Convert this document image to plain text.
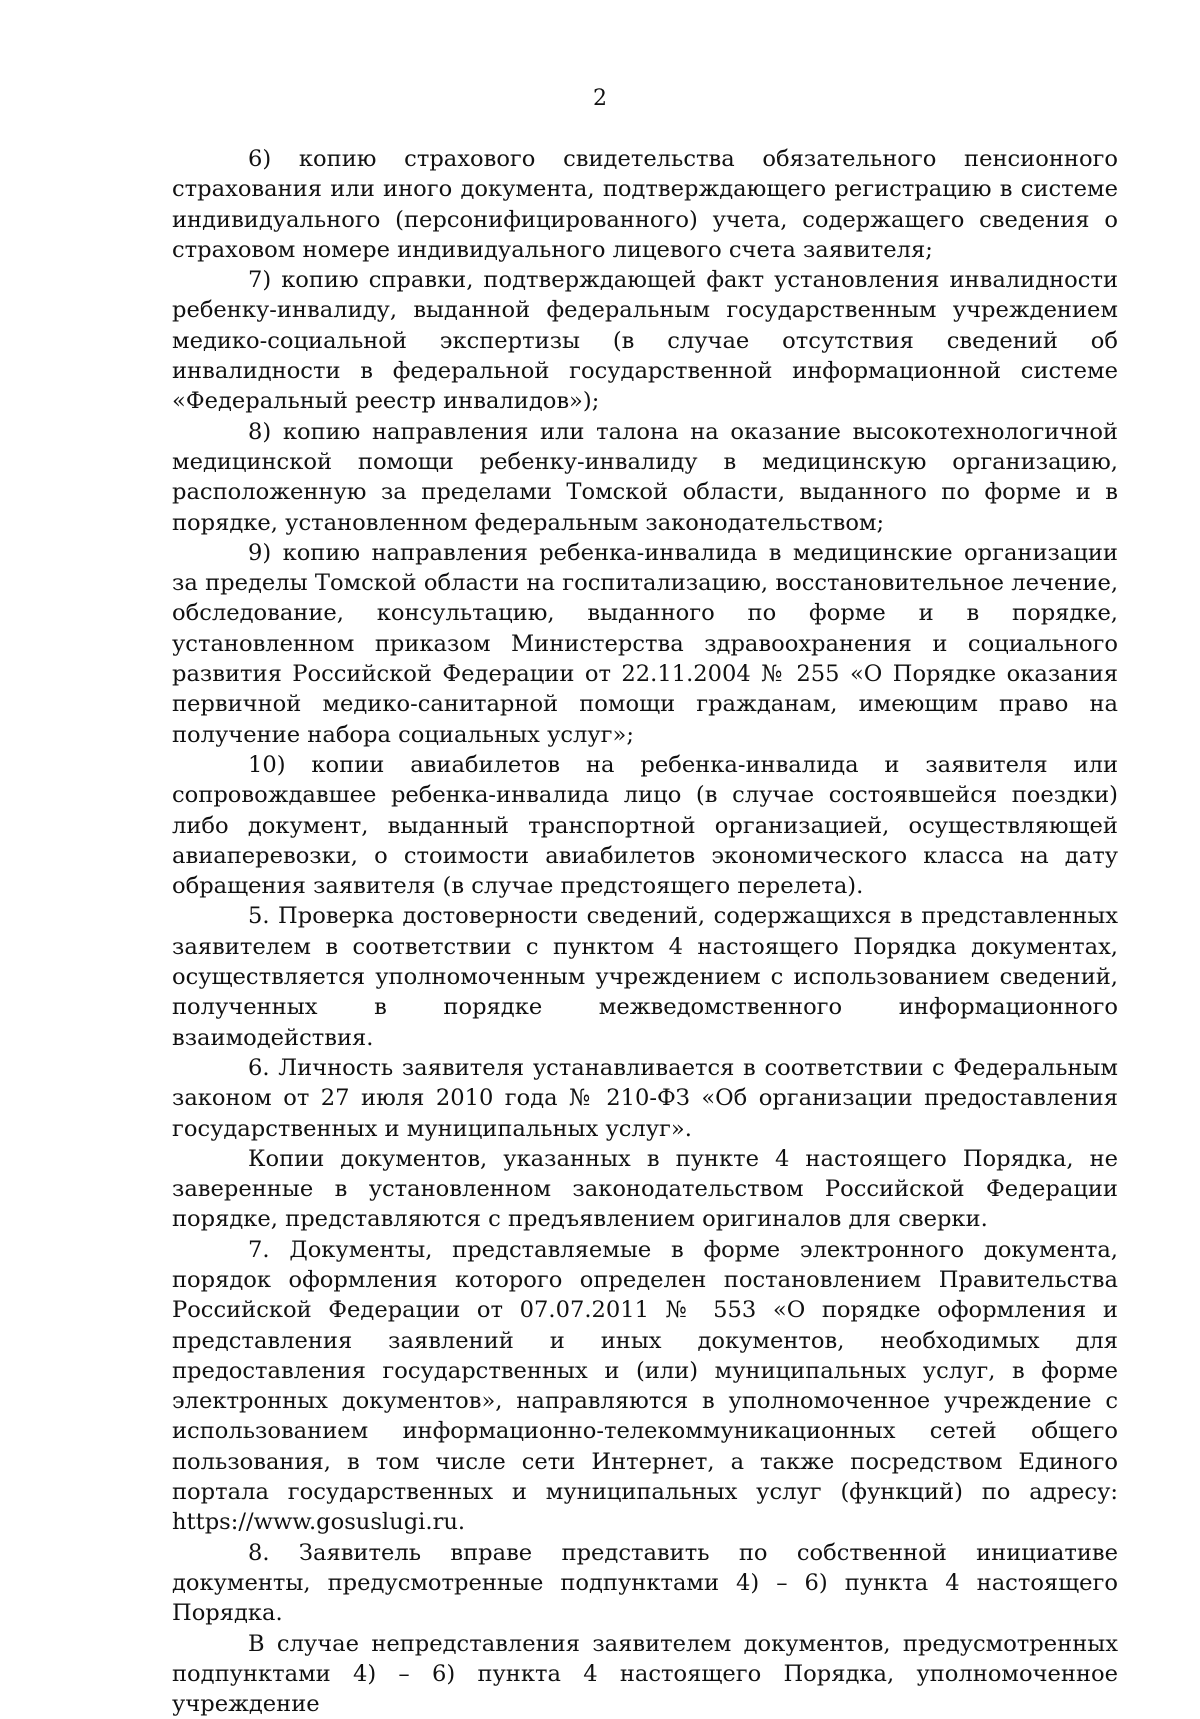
2

6) копию страхового свидетельства обязательного пенсионного страхования или иного документа, подтверждающего регистрацию в системе индивидуального (персонифицированного) учета, содержащего сведения о страховом номере индивидуального лицевого счета заявителя;

7) копию справки, подтверждающей факт установления инвалидности ребенку-инвалиду, выданной федеральным государственным учреждением медико-социальной экспертизы (в случае отсутствия сведений об инвалидности в федеральной государственной информационной системе «Федеральный реестр инвалидов»);

8) копию направления или талона на оказание высокотехнологичной медицинской помощи ребенку-инвалиду в медицинскую организацию, расположенную за пределами Томской области, выданного по форме и в порядке, установленном федеральным законодательством;

9) копию направления ребенка-инвалида в медицинские организации за пределы Томской области на госпитализацию, восстановительное лечение, обследование, консультацию, выданного по форме и в порядке, установленном приказом Министерства здравоохранения и социального развития Российской Федерации от 22.11.2004 № 255 «О Порядке оказания первичной медико-санитарной помощи гражданам, имеющим право на получение набора социальных услуг»;

10) копии авиабилетов на ребенка-инвалида и заявителя или сопровождавшее ребенка-инвалида лицо (в случае состоявшейся поездки) либо документ, выданный транспортной организацией, осуществляющей авиаперевозки, о стоимости авиабилетов экономического класса на дату обращения заявителя (в случае предстоящего перелета).

5. Проверка достоверности сведений, содержащихся в представленных заявителем в соответствии с пунктом 4 настоящего Порядка документах, осуществляется уполномоченным учреждением с использованием сведений, полученных в порядке межведомственного информационного взаимодействия.

6. Личность заявителя устанавливается в соответствии с Федеральным законом от 27 июля 2010 года № 210-ФЗ «Об организации предоставления государственных и муниципальных услуг».

Копии документов, указанных в пункте 4 настоящего Порядка, не заверенные в установленном законодательством Российской Федерации порядке, представляются с предъявлением оригиналов для сверки.

7. Документы, представляемые в форме электронного документа, порядок оформления которого определен постановлением Правительства Российской Федерации от 07.07.2011 № 553 «О порядке оформления и представления заявлений и иных документов, необходимых для предоставления государственных и (или) муниципальных услуг, в форме электронных документов», направляются в уполномоченное учреждение с использованием информационно-телекоммуникационных сетей общего пользования, в том числе сети Интернет, а также посредством Единого портала государственных и муниципальных услуг (функций) по адресу: https://www.gosuslugi.ru.

8. Заявитель вправе представить по собственной инициативе документы, предусмотренные подпунктами 4) – 6) пункта 4 настоящего Порядка.

В случае непредставления заявителем документов, предусмотренных подпунктами 4) – 6) пункта 4 настоящего Порядка, уполномоченное учреждение
